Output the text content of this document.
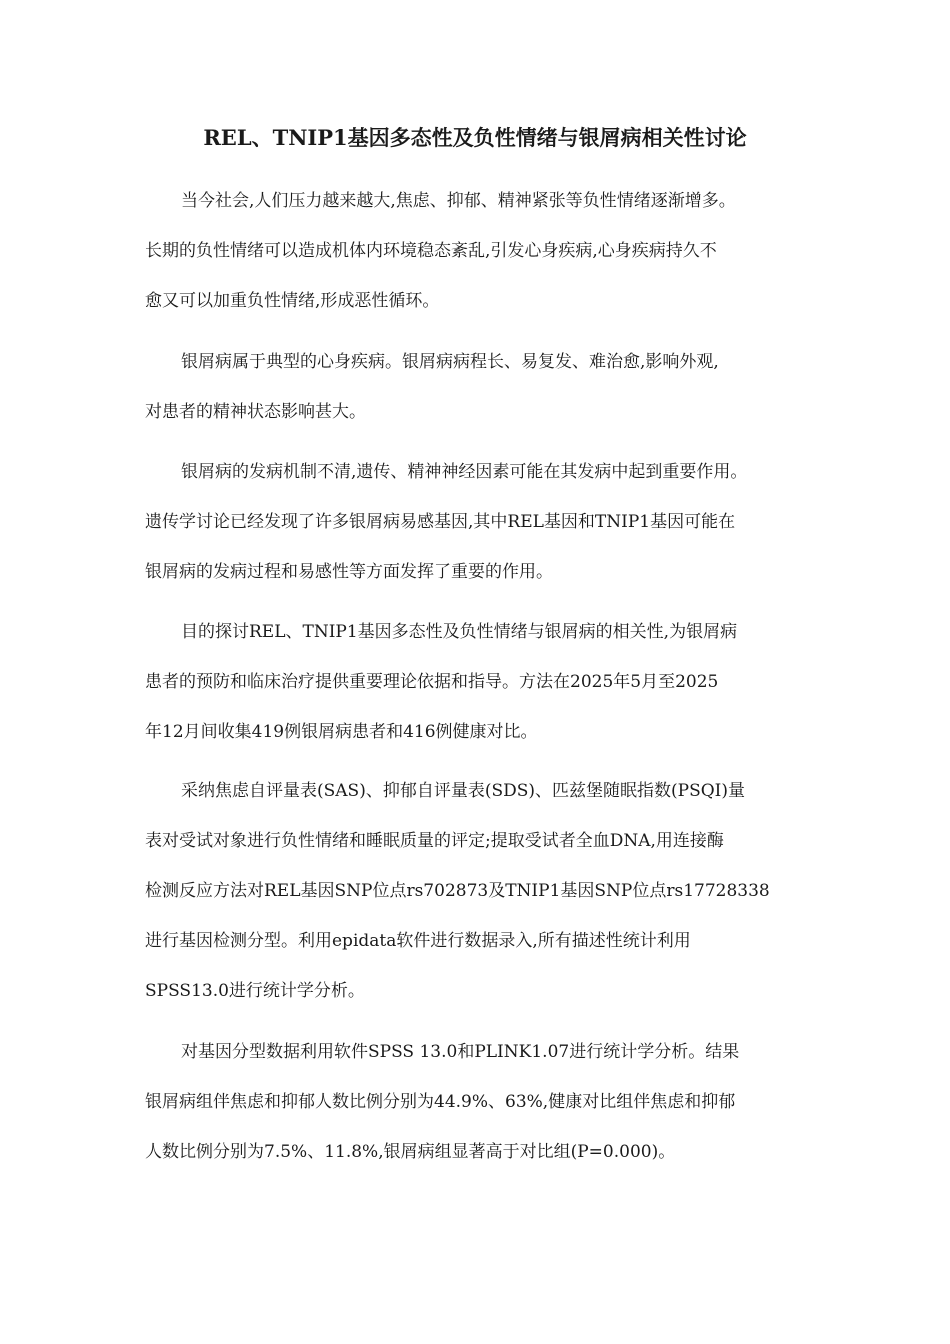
REL、TNIP1基因多态性及负性情绪与银屑病相关性讨论
当今社会,人们压力越来越大,焦虑、抑郁、精神紧张等负性情绪逐渐增多。
长期的负性情绪可以造成机体内环境稳态紊乱,引发心身疾病,心身疾病持久不
愈又可以加重负性情绪,形成恶性循环。
银屑病属于典型的心身疾病。银屑病病程长、易复发、难治愈,影响外观,
对患者的精神状态影响甚大。
银屑病的发病机制不清,遗传、精神神经因素可能在其发病中起到重要作用。
遗传学讨论已经发现了许多银屑病易感基因,其中REL基因和TNIP1基因可能在
银屑病的发病过程和易感性等方面发挥了重要的作用。
目的探讨REL、TNIP1基因多态性及负性情绪与银屑病的相关性,为银屑病
患者的预防和临床治疗提供重要理论依据和指导。方法在2025年5月至2025
年12月间收集419例银屑病患者和416例健康对比。
采纳焦虑自评量表(SAS)、抑郁自评量表(SDS)、匹兹堡随眠指数(PSQI)量
表对受试对象进行负性情绪和睡眠质量的评定;提取受试者全血DNA,用连接酶
检测反应方法对REL基因SNP位点rs702873及TNIP1基因SNP位点rs17728338
进行基因检测分型。利用epidata软件进行数据录入,所有描述性统计利用
SPSS13.0进行统计学分析。
对基因分型数据利用软件SPSS 13.0和PLINK1.07进行统计学分析。结果
银屑病组伴焦虑和抑郁人数比例分别为44.9%、63%,健康对比组伴焦虑和抑郁
人数比例分别为7.5%、11.8%,银屑病组显著高于对比组(P=0.000)。
